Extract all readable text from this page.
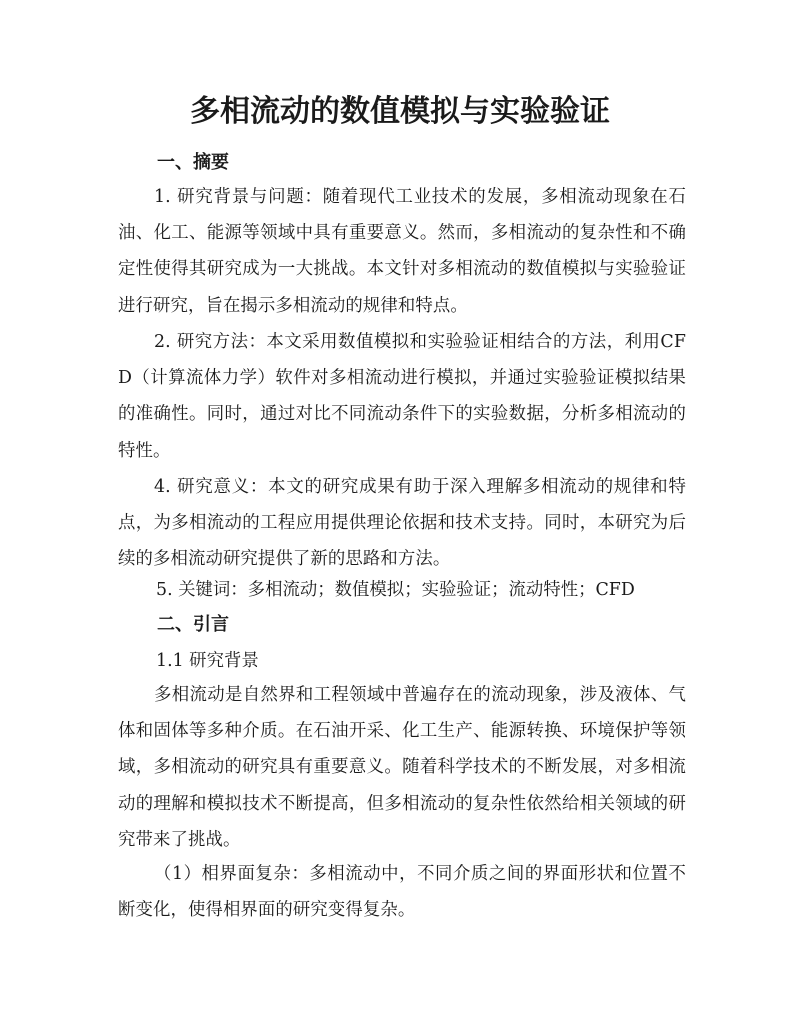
多相流动的数值模拟与实验验证
一、摘要
1. 研究背景与问题：随着现代工业技术的发展，多相流动现象在石油、化工、能源等领域中具有重要意义。然而，多相流动的复杂性和不确定性使得其研究成为一大挑战。本文针对多相流动的数值模拟与实验验证进行研究，旨在揭示多相流动的规律和特点。
2. 研究方法：本文采用数值模拟和实验验证相结合的方法，利用CFD（计算流体力学）软件对多相流动进行模拟，并通过实验验证模拟结果的准确性。同时，通过对比不同流动条件下的实验数据，分析多相流动的特性。
4. 研究意义：本文的研究成果有助于深入理解多相流动的规律和特点，为多相流动的工程应用提供理论依据和技术支持。同时，本研究为后续的多相流动研究提供了新的思路和方法。
5. 关键词：多相流动；数值模拟；实验验证；流动特性；CFD
二、引言
1.1 研究背景
多相流动是自然界和工程领域中普遍存在的流动现象，涉及液体、气体和固体等多种介质。在石油开采、化工生产、能源转换、环境保护等领域，多相流动的研究具有重要意义。随着科学技术的不断发展，对多相流动的理解和模拟技术不断提高，但多相流动的复杂性依然给相关领域的研究带来了挑战。
（1）相界面复杂：多相流动中，不同介质之间的界面形状和位置不断变化，使得相界面的研究变得复杂。
